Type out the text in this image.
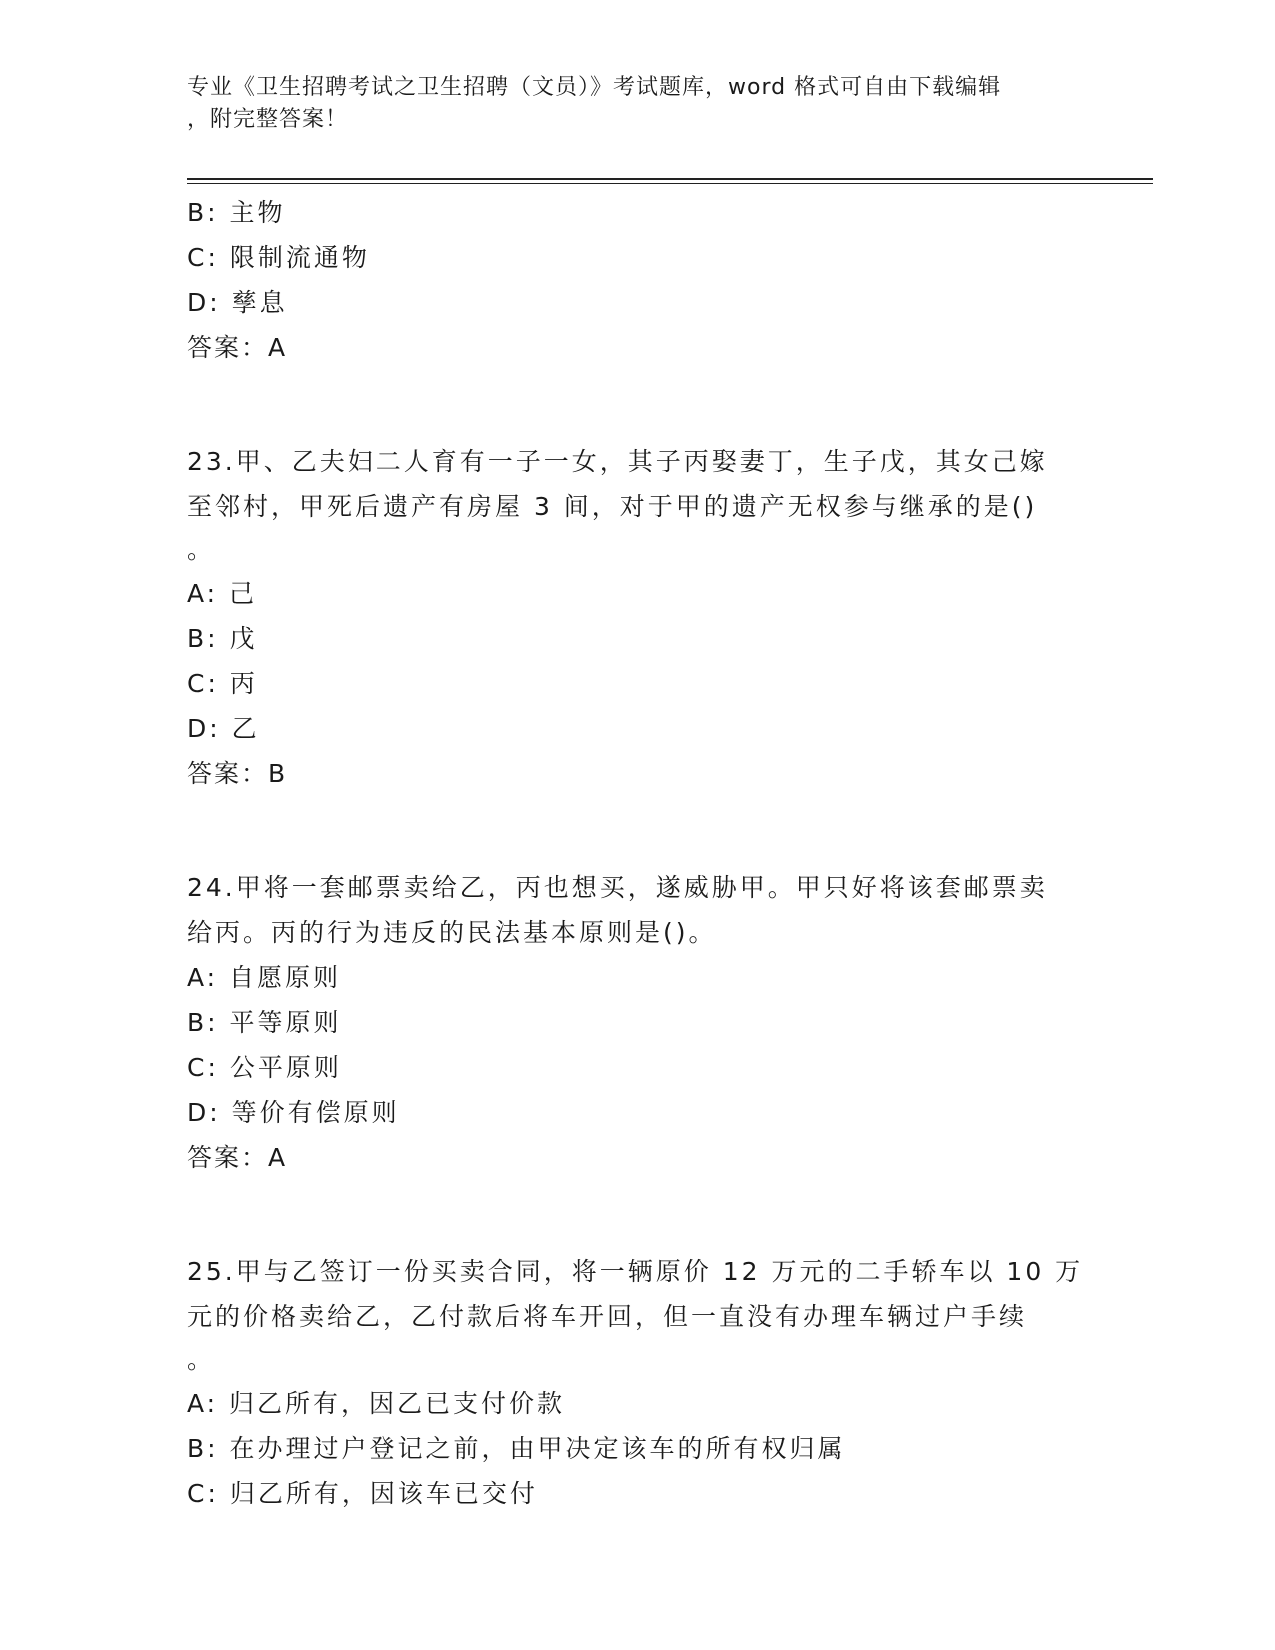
专业《卫生招聘考试之卫生招聘（文员）》考试题库，word 格式可自由下载编辑
，附完整答案！
B: 主物
C: 限制流通物
D: 孳息
答案：A
23.甲、乙夫妇二人育有一子一女，其子丙娶妻丁，生子戊，其女己嫁
至邻村，甲死后遗产有房屋 3 间，对于甲的遗产无权参与继承的是()
。
A: 己
B: 戊
C: 丙
D: 乙
答案：B
24.甲将一套邮票卖给乙，丙也想买，遂威胁甲。甲只好将该套邮票卖
给丙。丙的行为违反的民法基本原则是()。
A: 自愿原则
B: 平等原则
C: 公平原则
D: 等价有偿原则
答案：A
25.甲与乙签订一份买卖合同，将一辆原价 12 万元的二手轿车以 10 万
元的价格卖给乙，乙付款后将车开回，但一直没有办理车辆过户手续
。
A: 归乙所有，因乙已支付价款
B: 在办理过户登记之前，由甲决定该车的所有权归属
C: 归乙所有，因该车已交付
